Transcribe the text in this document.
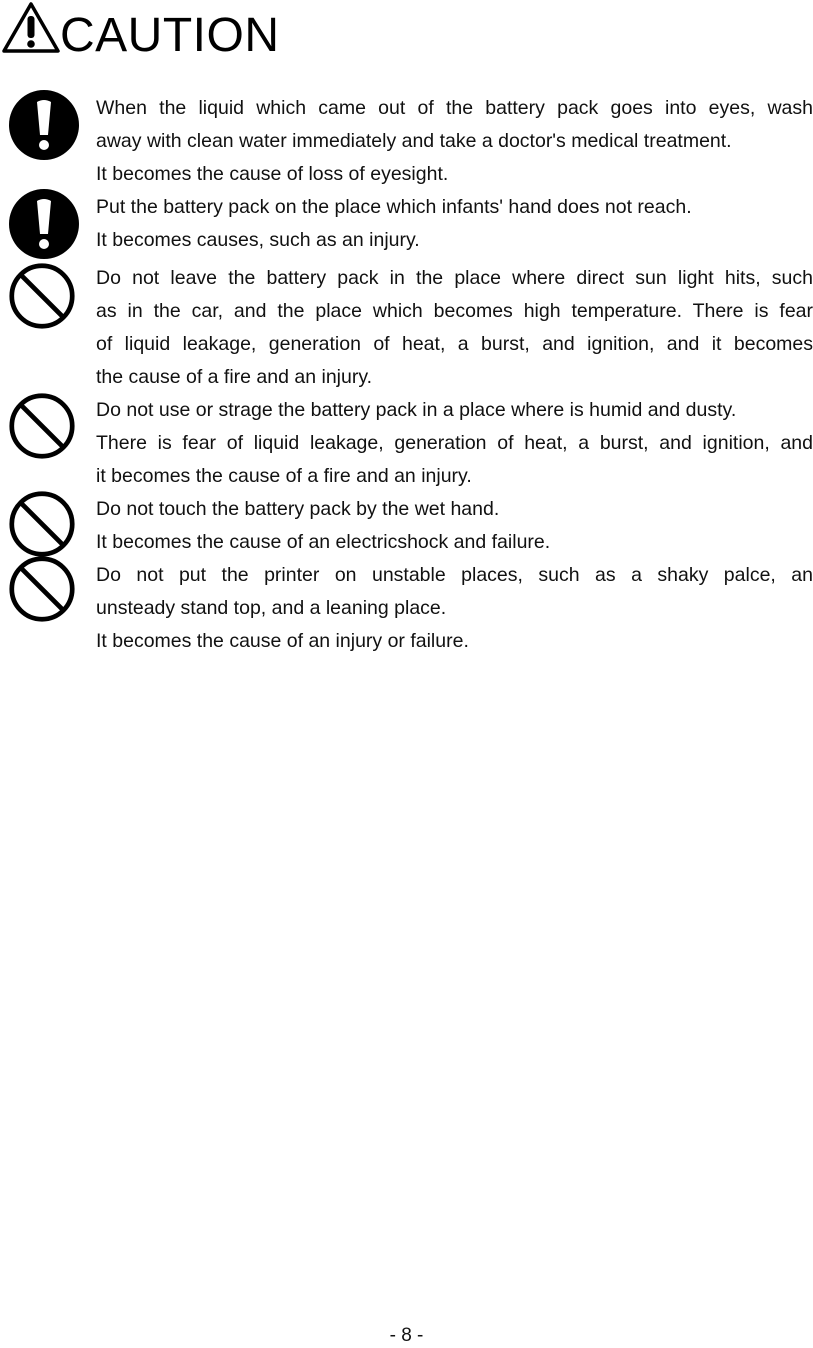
CAUTION
When the liquid which came out of the battery pack goes into eyes, wash
away with clean water immediately and take a doctor's medical treatment.
It becomes the cause of loss of eyesight.
Put the battery pack on the place which infants' hand does not reach.
It becomes causes, such as an injury.
Do not leave the battery pack in the place where direct sun light hits, such
as in the car, and the place which becomes high temperature. There is fear
of liquid leakage, generation of heat, a burst, and ignition, and it becomes
the cause of a fire and an injury.
Do not use or strage the battery pack in a place where is humid and dusty.
There is fear of liquid leakage, generation of heat, a burst, and ignition, and
it becomes the cause of a fire and an injury.
Do not touch the battery pack by the wet hand.
It becomes the cause of an electricshock and failure.
Do not put the printer on unstable places, such as a shaky palce, an
unsteady stand top, and a leaning place.
It becomes the cause of an injury or failure.
- 8 -
